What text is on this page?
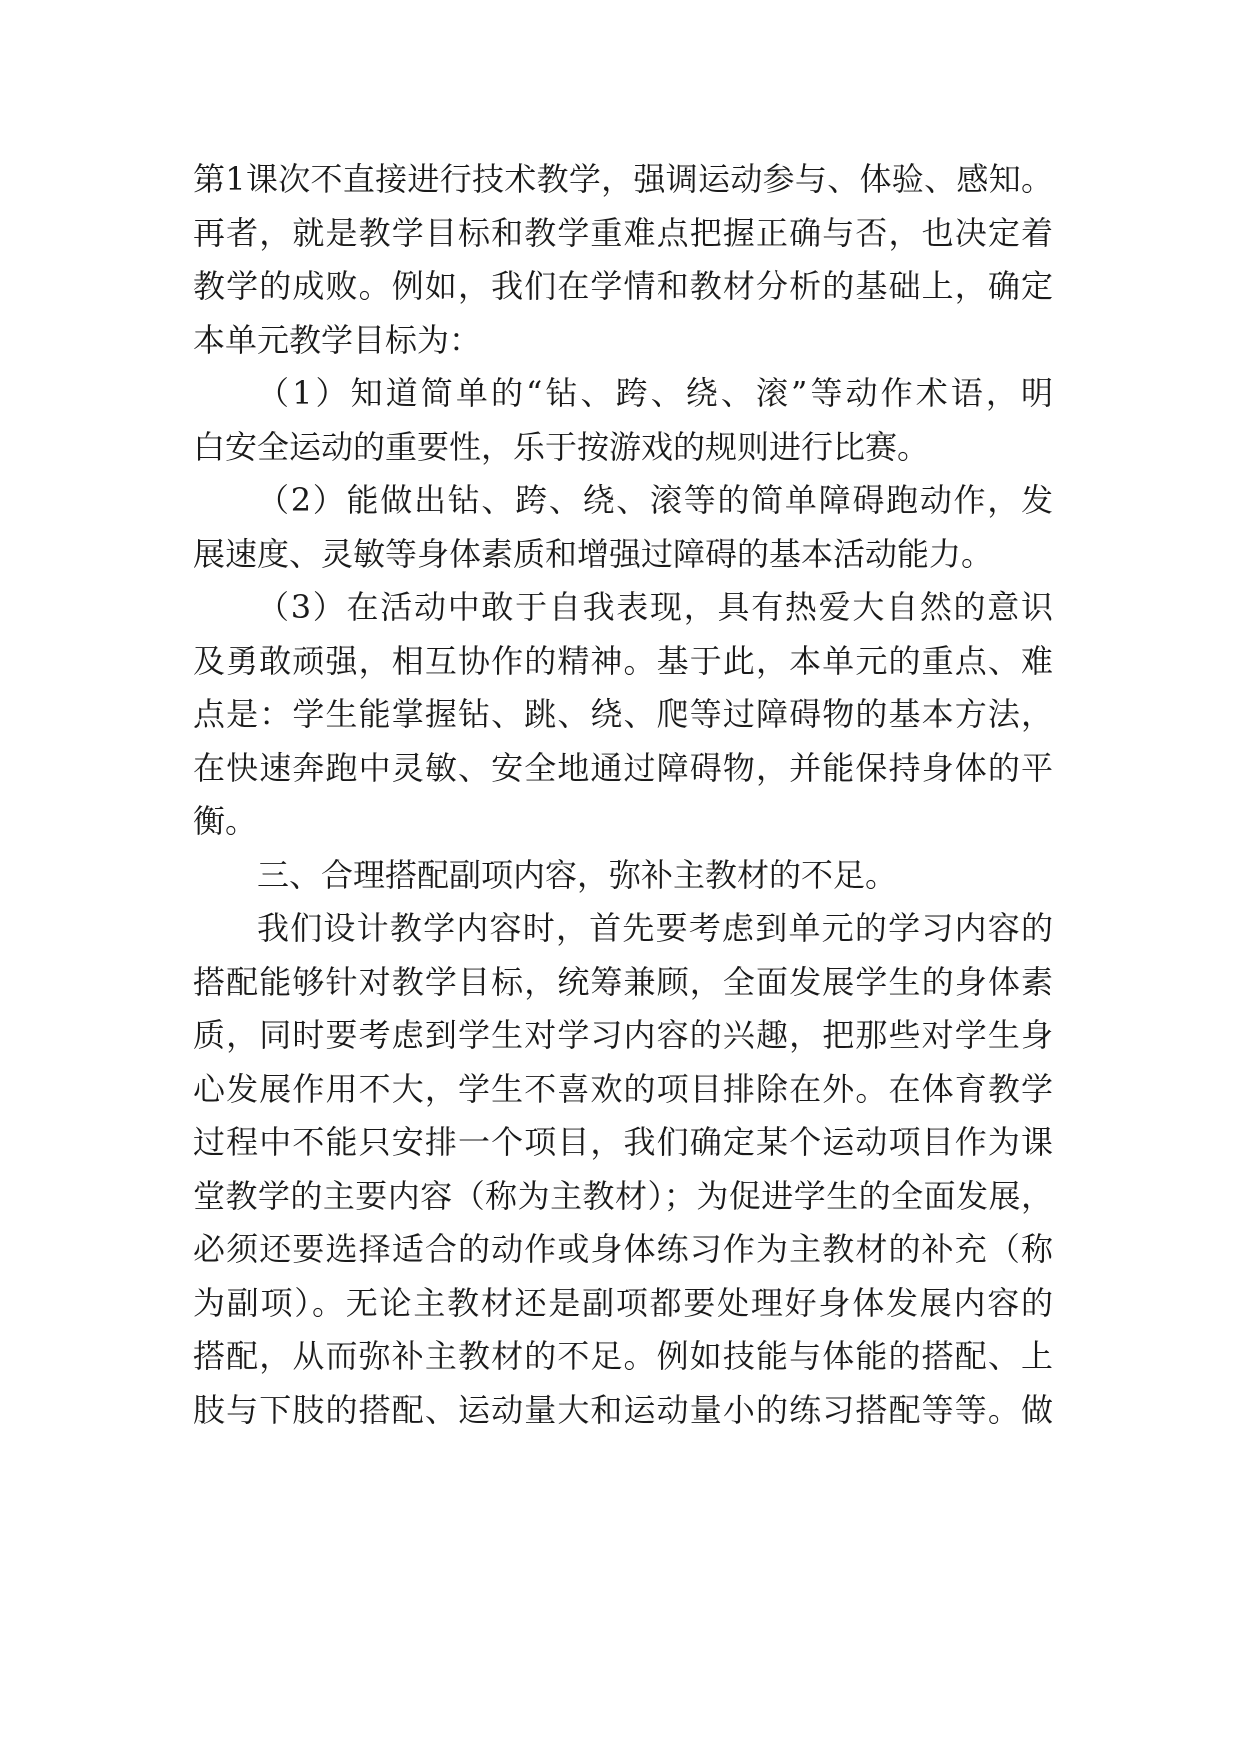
第1课次不直接进行技术教学，强调运动参与、体验、感知。
再者，就是教学目标和教学重难点把握正确与否，也决定着
教学的成败。例如，我们在学情和教材分析的基础上，确定
本单元教学目标为：
（1）知道简单的“钻、跨、绕、滚”等动作术语，明
白安全运动的重要性，乐于按游戏的规则进行比赛。
（2）能做出钻、跨、绕、滚等的简单障碍跑动作，发
展速度、灵敏等身体素质和增强过障碍的基本活动能力。
（3）在活动中敢于自我表现，具有热爱大自然的意识
及勇敢顽强，相互协作的精神。基于此，本单元的重点、难
点是：学生能掌握钻、跳、绕、爬等过障碍物的基本方法，
在快速奔跑中灵敏、安全地通过障碍物，并能保持身体的平
衡。
三、合理搭配副项内容，弥补主教材的不足。
我们设计教学内容时，首先要考虑到单元的学习内容的
搭配能够针对教学目标，统筹兼顾，全面发展学生的身体素
质，同时要考虑到学生对学习内容的兴趣，把那些对学生身
心发展作用不大，学生不喜欢的项目排除在外。在体育教学
过程中不能只安排一个项目，我们确定某个运动项目作为课
堂教学的主要内容（称为主教材）；为促进学生的全面发展，
必须还要选择适合的动作或身体练习作为主教材的补充（称
为副项）。无论主教材还是副项都要处理好身体发展内容的
搭配，从而弥补主教材的不足。例如技能与体能的搭配、上
肢与下肢的搭配、运动量大和运动量小的练习搭配等等。做
